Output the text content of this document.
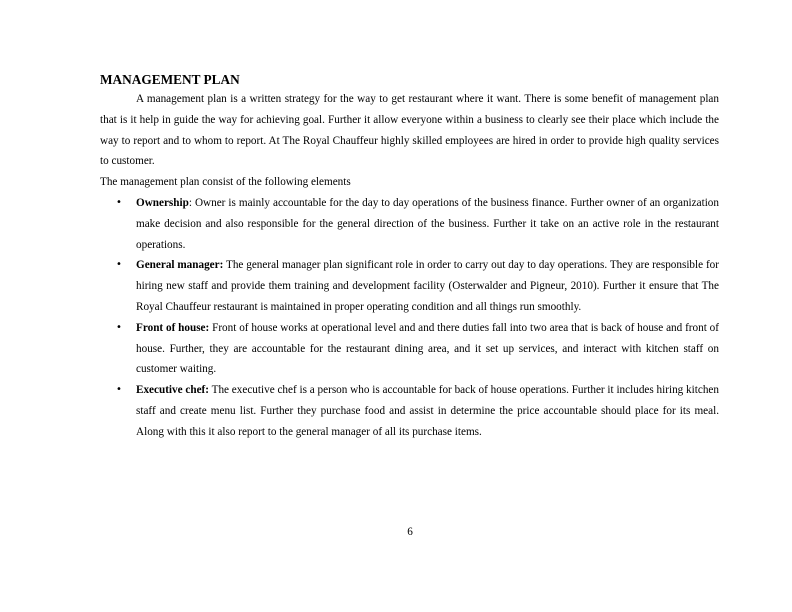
MANAGEMENT PLAN

A management plan is a written strategy for the way to get restaurant where it want. There is some benefit of management plan that is it help in guide the way for achieving goal. Further it allow everyone within a business to clearly see their place which include the way to report and to whom to report. At The Royal Chauffeur highly skilled employees are hired in order to provide high quality services to customer.

The management plan consist of the following elements

• Ownership: Owner is mainly accountable for the day to day operations of the business finance. Further owner of an organization make decision and also responsible for the general direction of the business. Further it take on an active role in the restaurant operations.
• General manager: The general manager plan significant role in order to carry out day to day operations. They are responsible for hiring new staff and provide them training and development facility (Osterwalder and Pigneur, 2010). Further it ensure that The Royal Chauffeur restaurant is maintained in proper operating condition and all things run smoothly.
• Front of house: Front of house works at operational level and and there duties fall into two area that is back of house and front of house. Further, they are accountable for the restaurant dining area, and it set up services, and interact with kitchen staff on customer waiting.
• Executive chef: The executive chef is a person who is accountable for back of house operations. Further it includes hiring kitchen staff and create menu list. Further they purchase food and assist in determine the price accountable should place for its meal. Along with this it also report to the general manager of all its purchase items.
6
